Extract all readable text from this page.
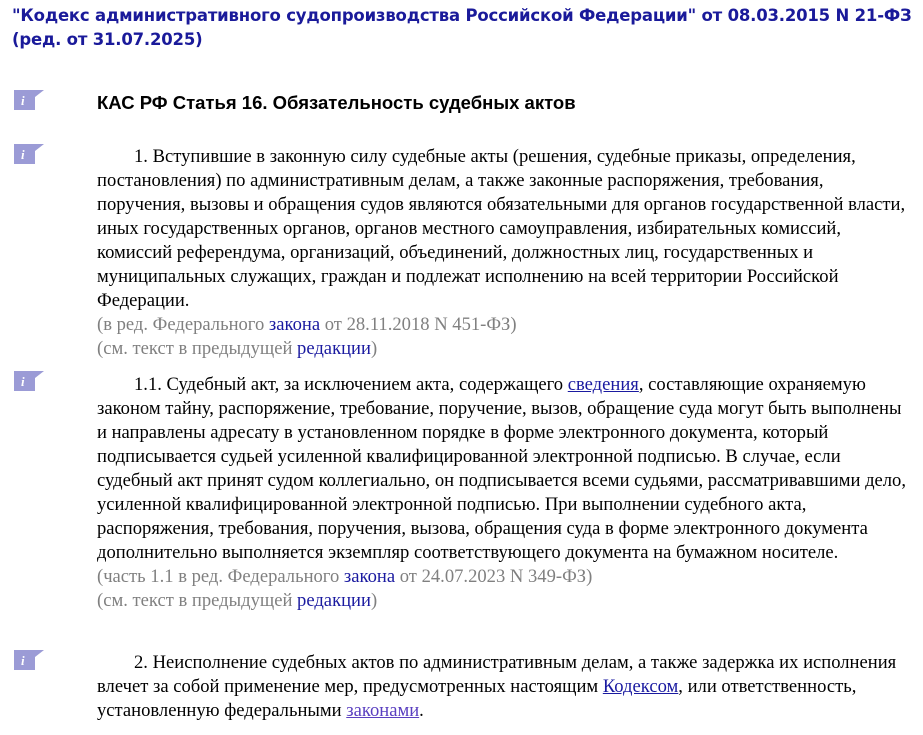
"Кодекс административного судопроизводства Российской Федерации" от 08.03.2015 N 21-ФЗ (ред. от 31.07.2025)
i	КАС РФ Статья 16. Обязательность судебных актов
i	1. Вступившие в законную силу судебные акты (решения, судебные приказы, определения, постановления) по административным делам, а также законные распоряжения, требования, поручения, вызовы и обращения судов являются обязательными для органов государственной власти, иных государственных органов, органов местного самоуправления, избирательных комиссий, комиссий референдума, организаций, объединений, должностных лиц, государственных и муниципальных служащих, граждан и подлежат исполнению на всей территории Российской Федерации.

(в ред. Федерального закона от 28.11.2018 N 451-ФЗ)

(см. текст в предыдущей редакции)

i	1.1. Судебный акт, за исключением акта, содержащего сведения, составляющие охраняемую законом тайну, распоряжение, требование, поручение, вызов, обращение суда могут быть выполнены и направлены адресату в установленном порядке в форме электронного документа, который подписывается судьей усиленной квалифицированной электронной подписью. В случае, если судебный акт принят судом коллегиально, он подписывается всеми судьями, рассматривавшими дело, усиленной квалифицированной электронной подписью. При выполнении судебного акта, распоряжения, требования, поручения, вызова, обращения суда в форме электронного документа дополнительно выполняется экземпляр соответствующего документа на бумажном носителе.

(часть 1.1 в ред. Федерального закона от 24.07.2023 N 349-ФЗ)

(см. текст в предыдущей редакции)

i	2. Неисполнение судебных актов по административным делам, а также задержка их исполнения влечет за собой применение мер, предусмотренных настоящим Кодексом, или ответственность, установленную федеральными законами.
